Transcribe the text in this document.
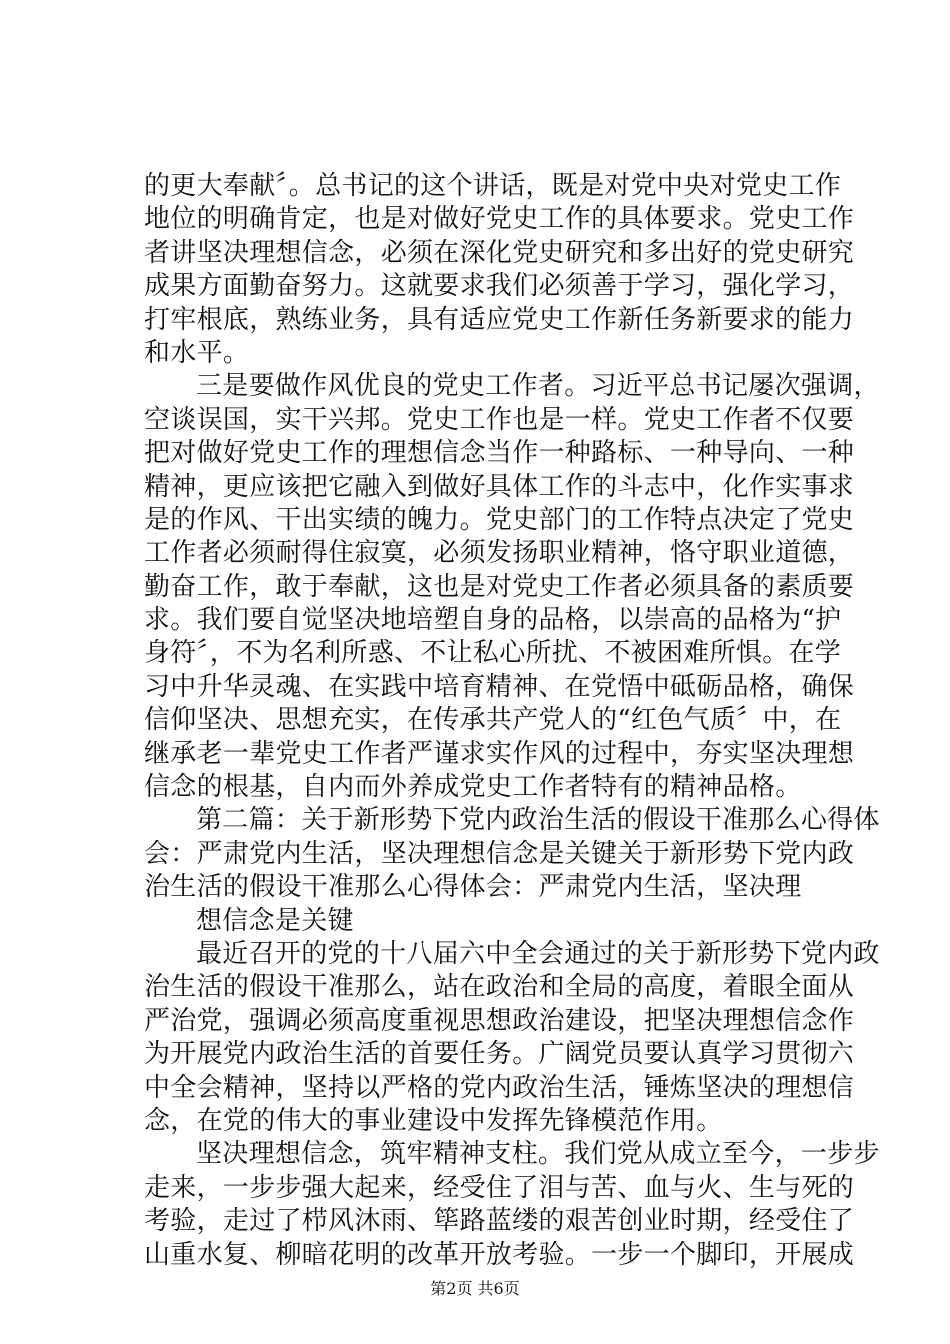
的更大奉献〞。总书记的这个讲话，既是对党中央对党史工作
地位的明确肯定，也是对做好党史工作的具体要求。党史工作
者讲坚决理想信念，必须在深化党史研究和多出好的党史研究
成果方面勤奋努力。这就要求我们必须善于学习，强化学习，
打牢根底，熟练业务，具有适应党史工作新任务新要求的能力
和水平。
三是要做作风优良的党史工作者。习近平总书记屡次强调，
空谈误国，实干兴邦。党史工作也是一样。党史工作者不仅要
把对做好党史工作的理想信念当作一种路标、一种导向、一种
精神，更应该把它融入到做好具体工作的斗志中，化作实事求
是的作风、干出实绩的魄力。党史部门的工作特点决定了党史
工作者必须耐得住寂寞，必须发扬职业精神，恪守职业道德，
勤奋工作，敢于奉献，这也是对党史工作者必须具备的素质要
求。我们要自觉坚决地培塑自身的品格，以崇高的品格为“护
身符〞，不为名利所惑、不让私心所扰、不被困难所惧。在学
习中升华灵魂、在实践中培育精神、在党悟中砥砺品格，确保
信仰坚决、思想充实，在传承共产党人的“红色气质〞中，在
继承老一辈党史工作者严谨求实作风的过程中，夯实坚决理想
信念的根基，自内而外养成党史工作者特有的精神品格。
第二篇：关于新形势下党内政治生活的假设干准那么心得体
会：严肃党内生活，坚决理想信念是关键关于新形势下党内政
治生活的假设干准那么心得体会：严肃党内生活，坚决理
想信念是关键
最近召开的党的十八届六中全会通过的关于新形势下党内政
治生活的假设干准那么，站在政治和全局的高度，着眼全面从
严治党，强调必须高度重视思想政治建设，把坚决理想信念作
为开展党内政治生活的首要任务。广阔党员要认真学习贯彻六
中全会精神，坚持以严格的党内政治生活，锤炼坚决的理想信
念，在党的伟大的事业建设中发挥先锋模范作用。
坚决理想信念，筑牢精神支柱。我们党从成立至今，一步步
走来，一步步强大起来，经受住了泪与苦、血与火、生与死的
考验，走过了栉风沐雨、筚路蓝缕的艰苦创业时期，经受住了
山重水复、柳暗花明的改革开放考验。一步一个脚印，开展成
第2页 共6页
